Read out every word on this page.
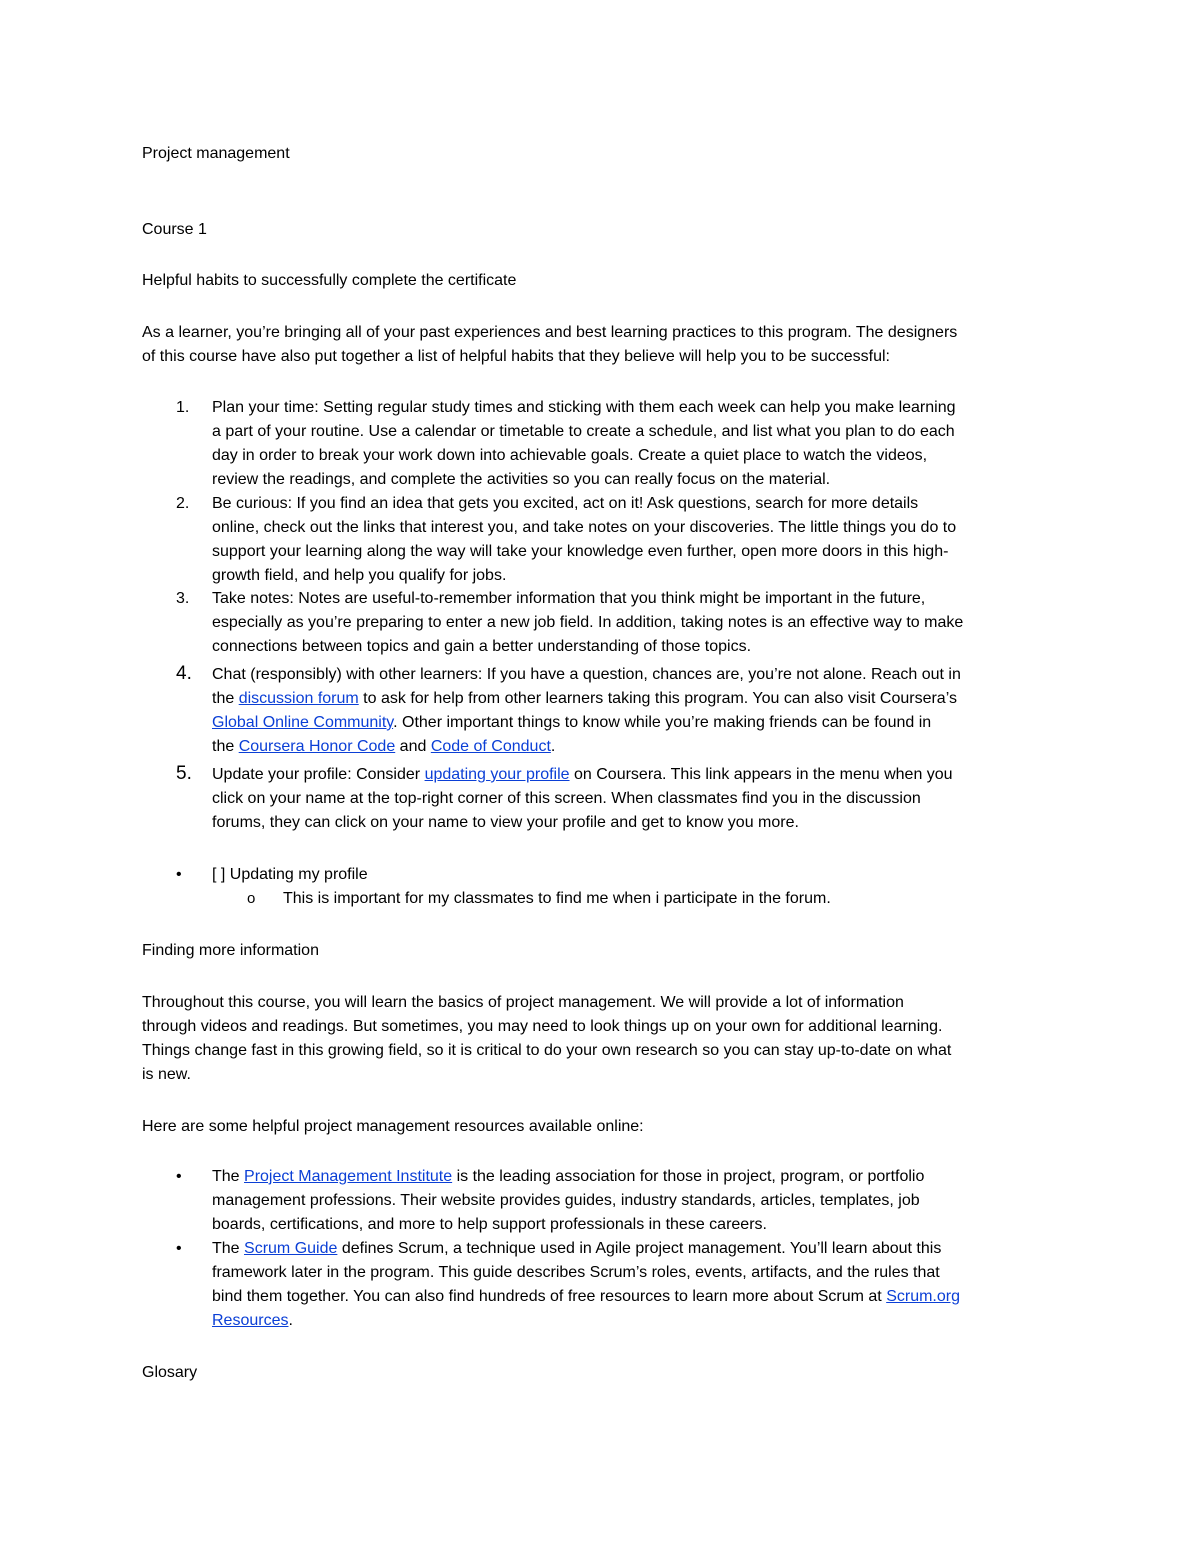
Project management
Course 1
Helpful habits to successfully complete the certificate
As a learner, you’re bringing all of your past experiences and best learning practices to this program. The designers
of this course have also put together a list of helpful habits that they believe will help you to be successful:
1.	Plan your time: Setting regular study times and sticking with them each week can help you make learning
a part of your routine. Use a calendar or timetable to create a schedule, and list what you plan to do each
day in order to break your work down into achievable goals. Create a quiet place to watch the videos,
review the readings, and complete the activities so you can really focus on the material.
2.	Be curious: If you find an idea that gets you excited, act on it! Ask questions, search for more details
online, check out the links that interest you, and take notes on your discoveries. The little things you do to
support your learning along the way will take your knowledge even further, open more doors in this high-
growth field, and help you qualify for jobs.
3.	Take notes: Notes are useful-to-remember information that you think might be important in the future,
especially as you’re preparing to enter a new job field. In addition, taking notes is an effective way to make
connections between topics and gain a better understanding of those topics.
4.	Chat (responsibly) with other learners: If you have a question, chances are, you’re not alone. Reach out in
the discussion forum to ask for help from other learners taking this program. You can also visit Coursera’s
Global Online Community. Other important things to know while you’re making friends can be found in
the Coursera Honor Code and Code of Conduct.
5.	Update your profile: Consider updating your profile on Coursera. This link appears in the menu when you
click on your name at the top-right corner of this screen. When classmates find you in the discussion
forums, they can click on your name to view your profile and get to know you more.
• [ ] Updating my profile
o This is important for my classmates to find me when i participate in the forum.
Finding more information
Throughout this course, you will learn the basics of project management. We will provide a lot of information
through videos and readings. But sometimes, you may need to look things up on your own for additional learning.
Things change fast in this growing field, so it is critical to do your own research so you can stay up-to-date on what
is new.
Here are some helpful project management resources available online:
• The Project Management Institute is the leading association for those in project, program, or portfolio
management professions. Their website provides guides, industry standards, articles, templates, job
boards, certifications, and more to help support professionals in these careers.
• The Scrum Guide defines Scrum, a technique used in Agile project management. You’ll learn about this
framework later in the program. This guide describes Scrum’s roles, events, artifacts, and the rules that
bind them together. You can also find hundreds of free resources to learn more about Scrum at Scrum.org
Resources.
Glosary
